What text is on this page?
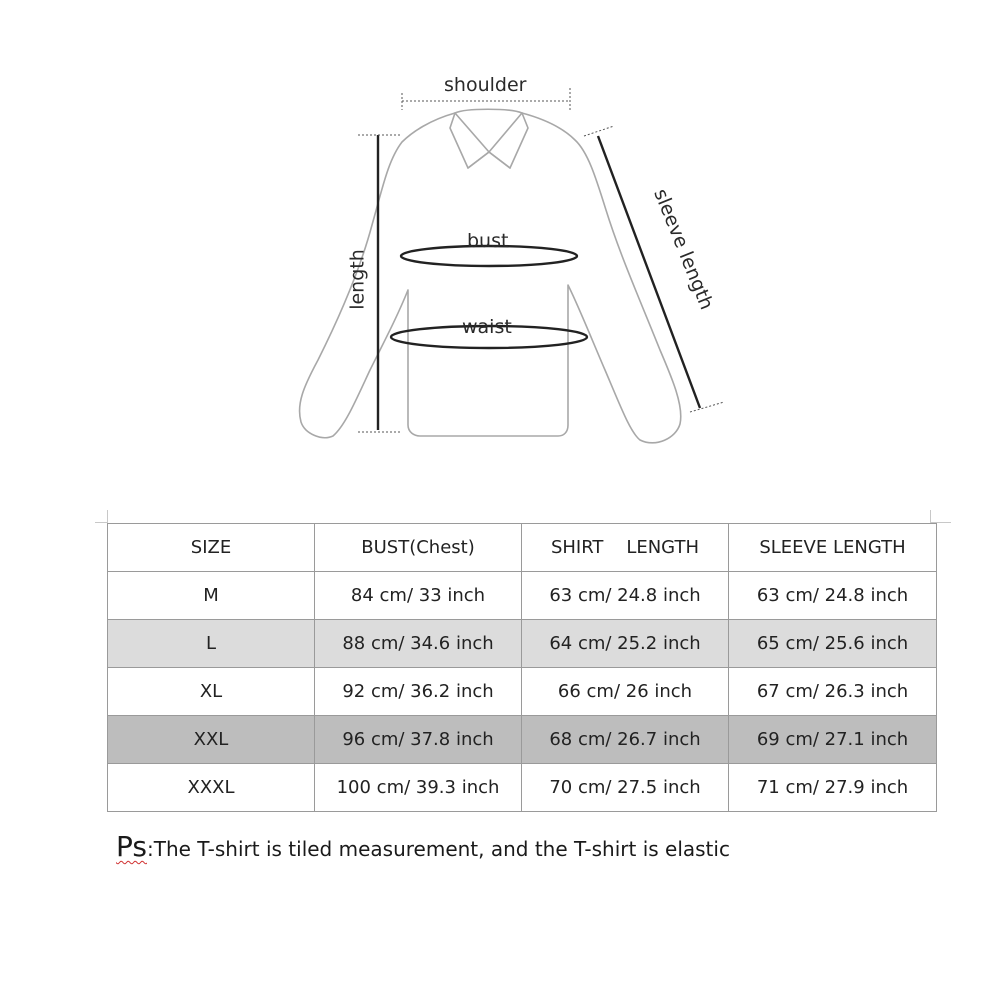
shoulder
bust
waist
length	sleeve length
SIZE	BUST(Chest)	SHIRT    LENGTH	SLEEVE LENGTH
M	84 cm/ 33 inch	63 cm/ 24.8 inch	63 cm/ 24.8 inch
L	88 cm/ 34.6 inch	64 cm/ 25.2 inch	65 cm/ 25.6 inch
XL	92 cm/ 36.2 inch	66 cm/ 26 inch	67 cm/ 26.3 inch
XXL	96 cm/ 37.8 inch	68 cm/ 26.7 inch	69 cm/ 27.1 inch
XXXL	100 cm/ 39.3 inch	70 cm/ 27.5 inch	71 cm/ 27.9 inch
Ps:The T-shirt is tiled measurement, and the T-shirt is elastic
